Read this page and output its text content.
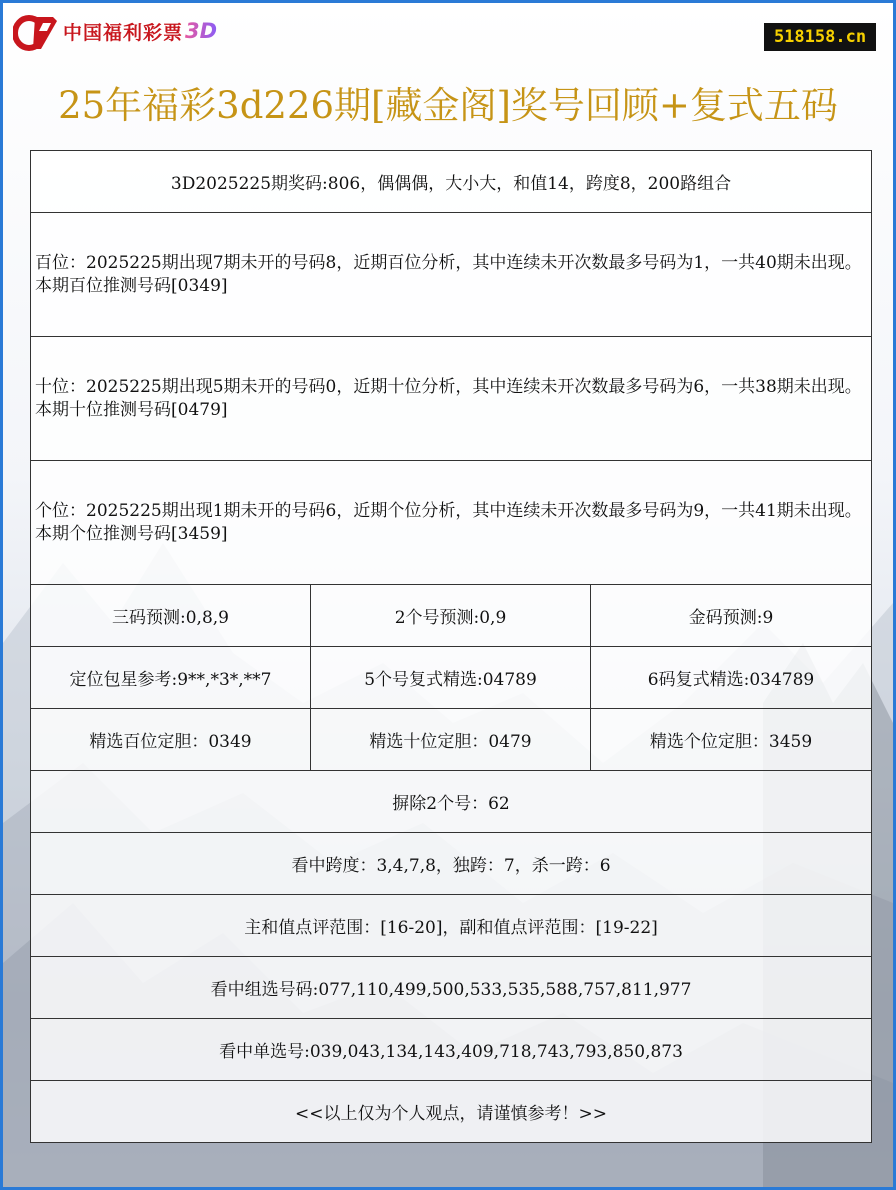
中国福利彩票 3D	518158.cn
25年福彩3d226期[藏金阁]奖号回顾+复式五码
3D2025225期奖码:806，偶偶偶，大小大，和值14，跨度8，200路组合		
百位：2025225期出现7期未开的号码8，近期百位分析，其中连续未开次数最多号码为1，一共40期未出现。本期百位推测号码[0349]		
十位：2025225期出现5期未开的号码0，近期十位分析，其中连续未开次数最多号码为6，一共38期未出现。本期十位推测号码[0479]		
个位：2025225期出现1期未开的号码6，近期个位分析，其中连续未开次数最多号码为9，一共41期未出现。本期个位推测号码[3459]		
三码预测:0,8,9	2个号预测:0,9	金码预测:9
定位包星参考:9**,*3*,**7	5个号复式精选:04789	6码复式精选:034789
精选百位定胆：0349	精选十位定胆：0479	精选个位定胆：3459
摒除2个号：62		
看中跨度：3,4,7,8，独跨：7，杀一跨：6		
主和值点评范围：[16-20]，副和值点评范围：[19-22]		
看中组选号码:077,110,499,500,533,535,588,757,811,977		
看中单选号:039,043,134,143,409,718,743,793,850,873		
<<以上仅为个人观点，请谨慎参考！>>		
